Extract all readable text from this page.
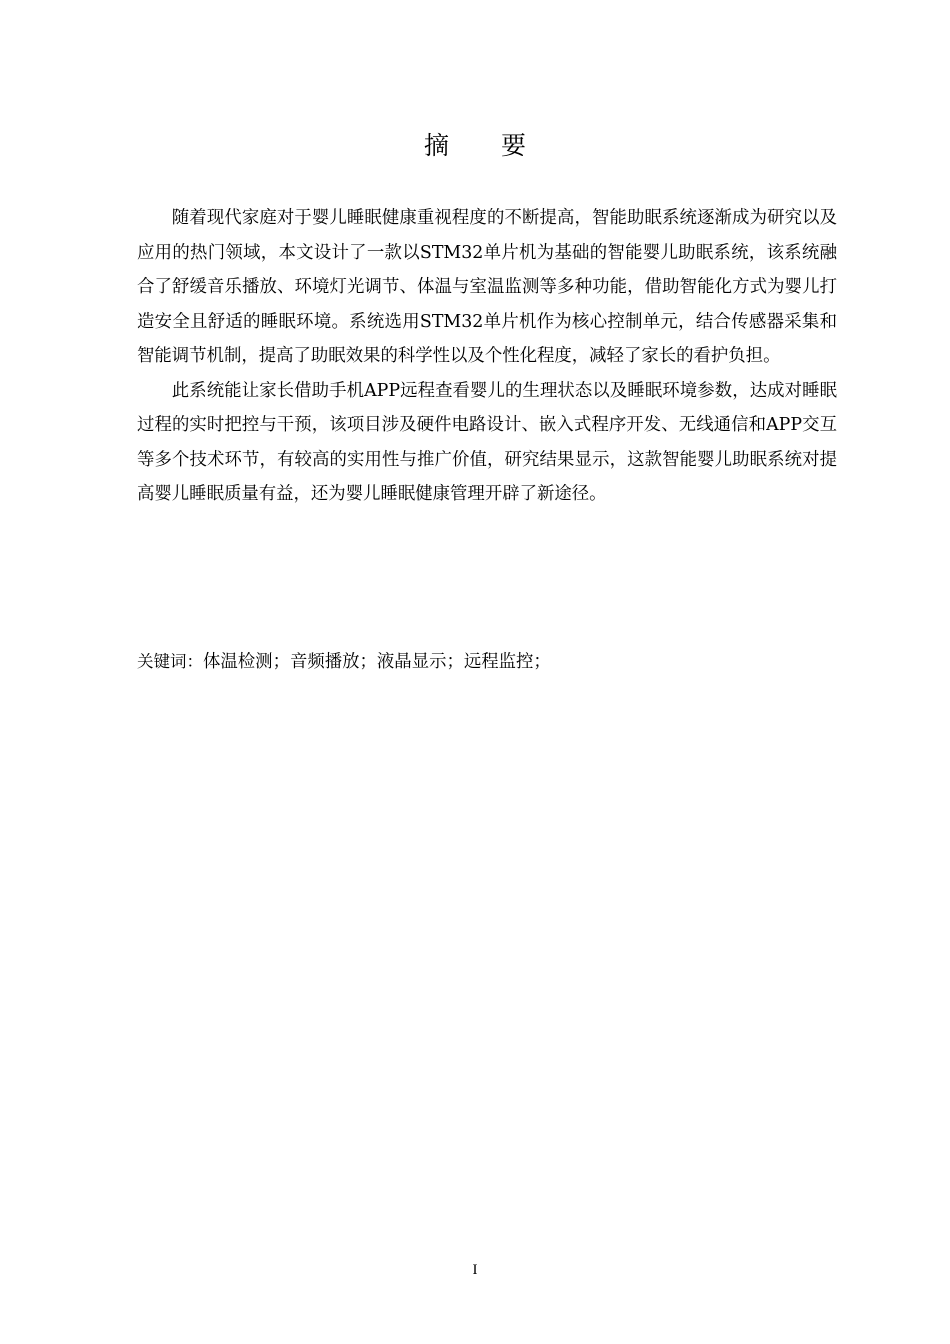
摘要

随着现代家庭对于婴儿睡眠健康重视程度的不断提高，智能助眠系统逐渐成为研究以及应用的热门领域，本文设计了一款以STM32单片机为基础的智能婴儿助眠系统，该系统融合了舒缓音乐播放、环境灯光调节、体温与室温监测等多种功能，借助智能化方式为婴儿打造安全且舒适的睡眠环境。系统选用STM32单片机作为核心控制单元，结合传感器采集和智能调节机制，提高了助眠效果的科学性以及个性化程度，减轻了家长的看护负担。

此系统能让家长借助手机APP远程查看婴儿的生理状态以及睡眠环境参数，达成对睡眠过程的实时把控与干预，该项目涉及硬件电路设计、嵌入式程序开发、无线通信和APP交互等多个技术环节，有较高的实用性与推广价值，研究结果显示，这款智能婴儿助眠系统对提高婴儿睡眠质量有益，还为婴儿睡眠健康管理开辟了新途径。

关键词：体温检测；音频播放；液晶显示；远程监控；
I
